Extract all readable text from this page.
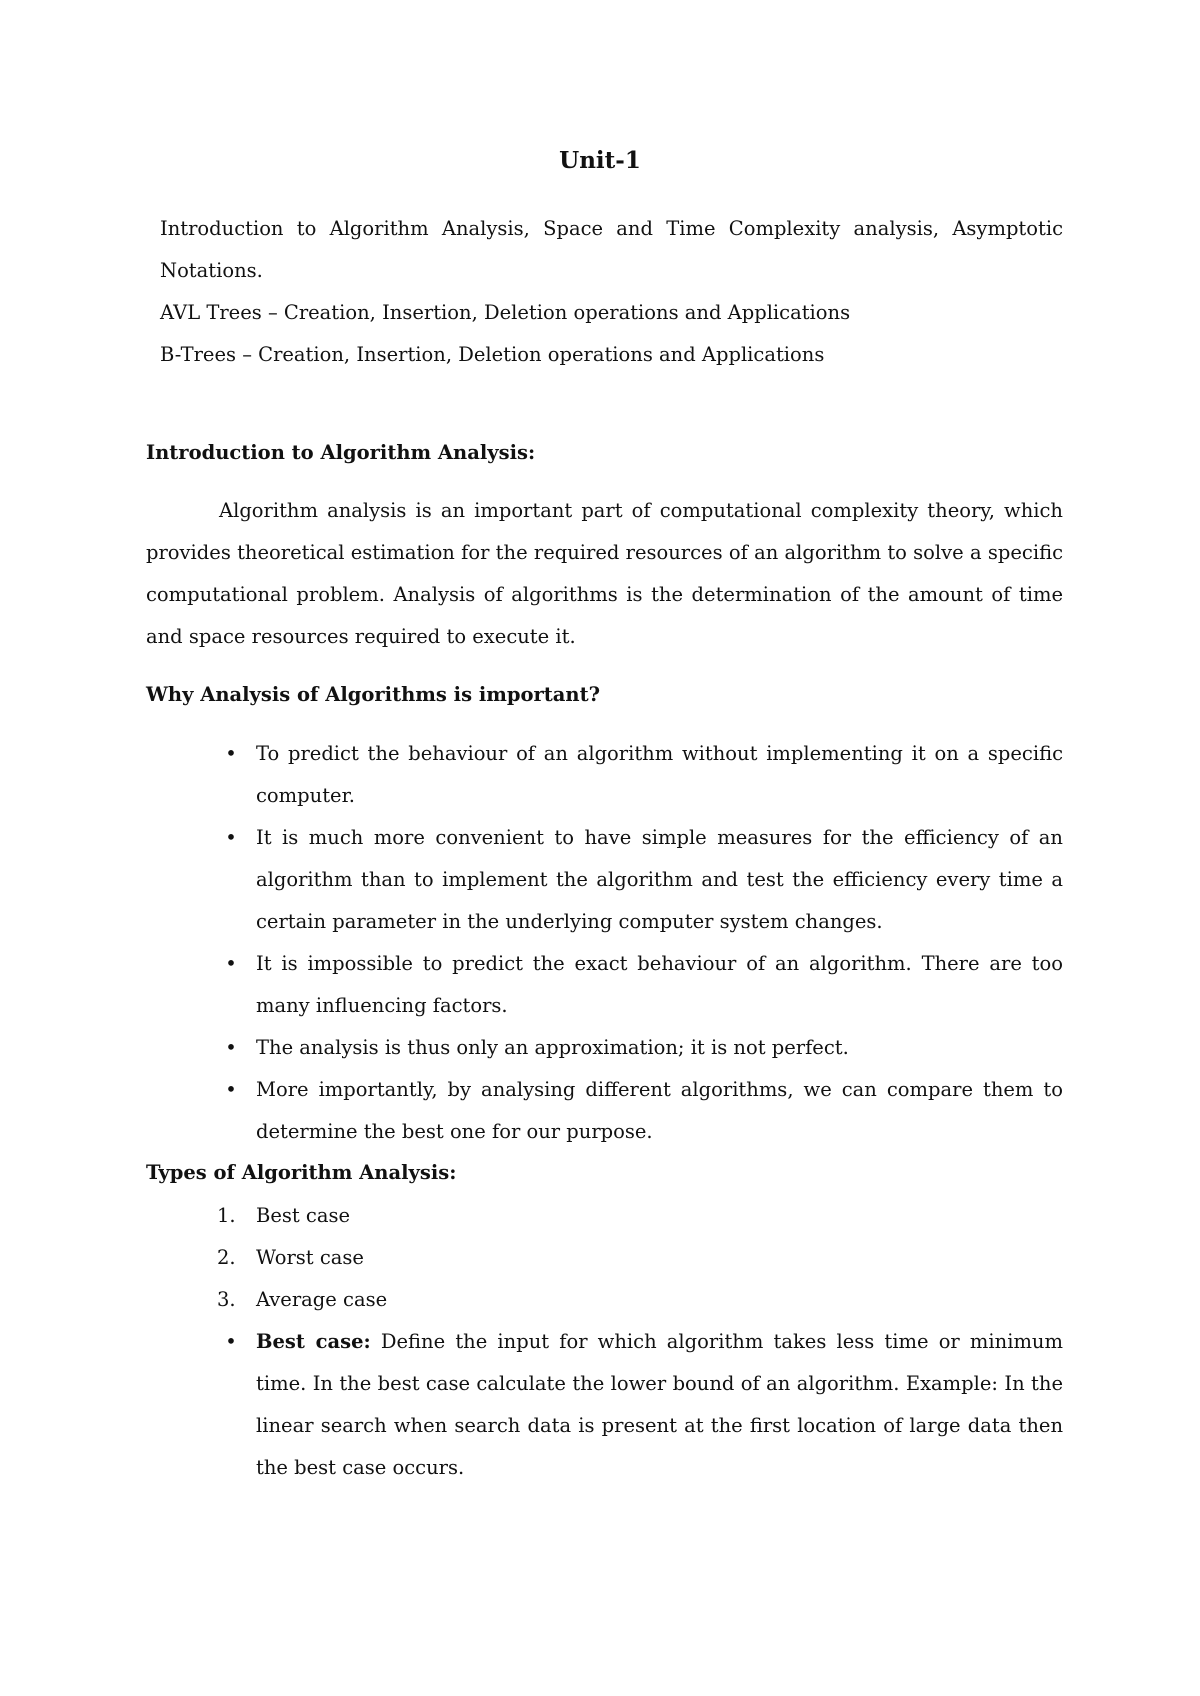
Unit-1

Introduction to Algorithm Analysis, Space and Time Complexity analysis, Asymptotic Notations.

AVL Trees – Creation, Insertion, Deletion operations and Applications

B-Trees – Creation, Insertion, Deletion operations and Applications

Introduction to Algorithm Analysis:

Algorithm analysis is an important part of computational complexity theory, which provides theoretical estimation for the required resources of an algorithm to solve a specific computational problem. Analysis of algorithms is the determination of the amount of time and space resources required to execute it.

Why Analysis of Algorithms is important?
• To predict the behaviour of an algorithm without implementing it on a specific computer.
• It is much more convenient to have simple measures for the efficiency of an algorithm than to implement the algorithm and test the efficiency every time a certain parameter in the underlying computer system changes.
• It is impossible to predict the exact behaviour of an algorithm. There are too many influencing factors.
• The analysis is thus only an approximation; it is not perfect.
• More importantly, by analysing different algorithms, we can compare them to determine the best one for our purpose.
Types of Algorithm Analysis:
1. Best case
2. Worst case
3. Average case
• Best case: Define the input for which algorithm takes less time or minimum time. In the best case calculate the lower bound of an algorithm. Example: In the linear search when search data is present at the first location of large data then the best case occurs.
